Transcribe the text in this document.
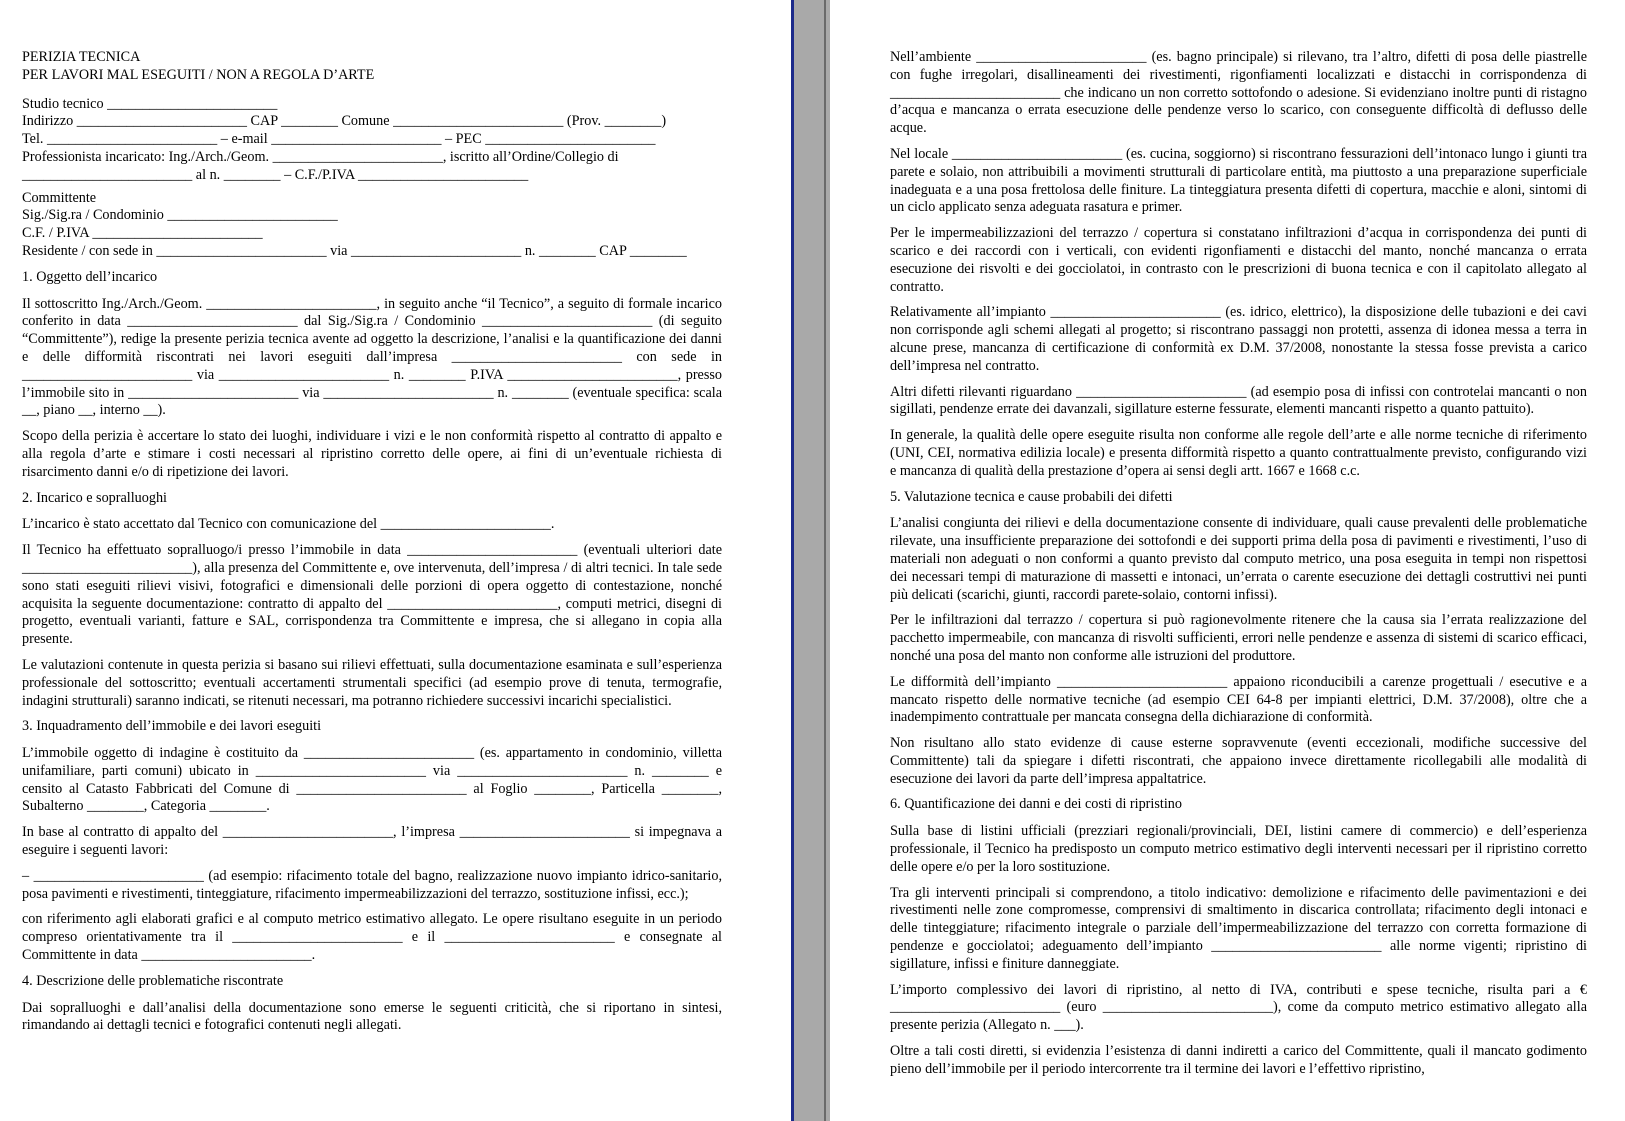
PERIZIA TECNICA
PER LAVORI MAL ESEGUITI / NON A REGOLA D’ARTE

Studio tecnico ________________________
Indirizzo ________________________ CAP ________ Comune ________________________ (Prov. ________)
Tel. ________________________ – e-mail ________________________ – PEC ________________________
Professionista incaricato: Ing./Arch./Geom. ________________________, iscritto all’Ordine/Collegio di ________________________ al n. ________ – C.F./P.IVA ________________________

Committente
Sig./Sig.ra / Condominio ________________________
C.F. / P.IVA ________________________
Residente / con sede in ________________________ via ________________________ n. ________ CAP ________

1. Oggetto dell’incarico

Il sottoscritto Ing./Arch./Geom. ________________________, in seguito anche “il Tecnico”, a seguito di formale incarico conferito in data ________________________ dal Sig./Sig.ra / Condominio ________________________ (di seguito “Committente”), redige la presente perizia tecnica avente ad oggetto la descrizione, l’analisi e la quantificazione dei danni e delle difformità riscontrati nei lavori eseguiti dall’impresa ________________________ con sede in ________________________ via ________________________ n. ________ P.IVA ________________________, presso l’immobile sito in ________________________ via ________________________ n. ________ (eventuale specifica: scala __, piano __, interno __).

Scopo della perizia è accertare lo stato dei luoghi, individuare i vizi e le non conformità rispetto al contratto di appalto e alla regola d’arte e stimare i costi necessari al ripristino corretto delle opere, ai fini di un’eventuale richiesta di risarcimento danni e/o di ripetizione dei lavori.

2. Incarico e sopralluoghi

L’incarico è stato accettato dal Tecnico con comunicazione del ________________________.

Il Tecnico ha effettuato sopralluogo/i presso l’immobile in data ________________________ (eventuali ulteriori date ________________________), alla presenza del Committente e, ove intervenuta, dell’impresa / di altri tecnici. In tale sede sono stati eseguiti rilievi visivi, fotografici e dimensionali delle porzioni di opera oggetto di contestazione, nonché acquisita la seguente documentazione: contratto di appalto del ________________________, computi metrici, disegni di progetto, eventuali varianti, fatture e SAL, corrispondenza tra Committente e impresa, che si allegano in copia alla presente.

Le valutazioni contenute in questa perizia si basano sui rilievi effettuati, sulla documentazione esaminata e sull’esperienza professionale del sottoscritto; eventuali accertamenti strumentali specifici (ad esempio prove di tenuta, termografie, indagini strutturali) saranno indicati, se ritenuti necessari, ma potranno richiedere successivi incarichi specialistici.

3. Inquadramento dell’immobile e dei lavori eseguiti

L’immobile oggetto di indagine è costituito da ________________________ (es. appartamento in condominio, villetta unifamiliare, parti comuni) ubicato in ________________________ via ________________________ n. ________ e censito al Catasto Fabbricati del Comune di ________________________ al Foglio ________, Particella ________, Subalterno ________, Categoria ________.

In base al contratto di appalto del ________________________, l’impresa ________________________ si impegnava a eseguire i seguenti lavori:

– ________________________ (ad esempio: rifacimento totale del bagno, realizzazione nuovo impianto idrico-sanitario, posa pavimenti e rivestimenti, tinteggiature, rifacimento impermeabilizzazioni del terrazzo, sostituzione infissi, ecc.);

con riferimento agli elaborati grafici e al computo metrico estimativo allegato. Le opere risultano eseguite in un periodo compreso orientativamente tra il ________________________ e il ________________________ e consegnate al Committente in data ________________________.

4. Descrizione delle problematiche riscontrate

Dai sopralluoghi e dall’analisi della documentazione sono emerse le seguenti criticità, che si riportano in sintesi, rimandando ai dettagli tecnici e fotografici contenuti negli allegati.

Nell’ambiente ________________________ (es. bagno principale) si rilevano, tra l’altro, difetti di posa delle piastrelle con fughe irregolari, disallineamenti dei rivestimenti, rigonfiamenti localizzati e distacchi in corrispondenza di ________________________ che indicano un non corretto sottofondo o adesione. Si evidenziano inoltre punti di ristagno d’acqua e mancanza o errata esecuzione delle pendenze verso lo scarico, con conseguente difficoltà di deflusso delle acque.

Nel locale ________________________ (es. cucina, soggiorno) si riscontrano fessurazioni dell’intonaco lungo i giunti tra parete e solaio, non attribuibili a movimenti strutturali di particolare entità, ma piuttosto a una preparazione superficiale inadeguata e a una posa frettolosa delle finiture. La tinteggiatura presenta difetti di copertura, macchie e aloni, sintomi di un ciclo applicato senza adeguata rasatura e primer.

Per le impermeabilizzazioni del terrazzo / copertura si constatano infiltrazioni d’acqua in corrispondenza dei punti di scarico e dei raccordi con i verticali, con evidenti rigonfiamenti e distacchi del manto, nonché mancanza o errata esecuzione dei risvolti e dei gocciolatoi, in contrasto con le prescrizioni di buona tecnica e con il capitolato allegato al contratto.

Relativamente all’impianto ________________________ (es. idrico, elettrico), la disposizione delle tubazioni e dei cavi non corrisponde agli schemi allegati al progetto; si riscontrano passaggi non protetti, assenza di idonea messa a terra in alcune prese, mancanza di certificazione di conformità ex D.M. 37/2008, nonostante la stessa fosse prevista a carico dell’impresa nel contratto.

Altri difetti rilevanti riguardano ________________________ (ad esempio posa di infissi con controtelai mancanti o non sigillati, pendenze errate dei davanzali, sigillature esterne fessurate, elementi mancanti rispetto a quanto pattuito).

In generale, la qualità delle opere eseguite risulta non conforme alle regole dell’arte e alle norme tecniche di riferimento (UNI, CEI, normativa edilizia locale) e presenta difformità rispetto a quanto contrattualmente previsto, configurando vizi e mancanza di qualità della prestazione d’opera ai sensi degli artt. 1667 e 1668 c.c.

5. Valutazione tecnica e cause probabili dei difetti

L’analisi congiunta dei rilievi e della documentazione consente di individuare, quali cause prevalenti delle problematiche rilevate, una insufficiente preparazione dei sottofondi e dei supporti prima della posa di pavimenti e rivestimenti, l’uso di materiali non adeguati o non conformi a quanto previsto dal computo metrico, una posa eseguita in tempi non rispettosi dei necessari tempi di maturazione di massetti e intonaci, un’errata o carente esecuzione dei dettagli costruttivi nei punti più delicati (scarichi, giunti, raccordi parete-solaio, contorni infissi).

Per le infiltrazioni dal terrazzo / copertura si può ragionevolmente ritenere che la causa sia l’errata realizzazione del pacchetto impermeabile, con mancanza di risvolti sufficienti, errori nelle pendenze e assenza di sistemi di scarico efficaci, nonché una posa del manto non conforme alle istruzioni del produttore.

Le difformità dell’impianto ________________________ appaiono riconducibili a carenze progettuali / esecutive e a mancato rispetto delle normative tecniche (ad esempio CEI 64-8 per impianti elettrici, D.M. 37/2008), oltre che a inadempimento contrattuale per mancata consegna della dichiarazione di conformità.

Non risultano allo stato evidenze di cause esterne sopravvenute (eventi eccezionali, modifiche successive del Committente) tali da spiegare i difetti riscontrati, che appaiono invece direttamente ricollegabili alle modalità di esecuzione dei lavori da parte dell’impresa appaltatrice.

6. Quantificazione dei danni e dei costi di ripristino

Sulla base di listini ufficiali (prezziari regionali/provinciali, DEI, listini camere di commercio) e dell’esperienza professionale, il Tecnico ha predisposto un computo metrico estimativo degli interventi necessari per il ripristino corretto delle opere e/o per la loro sostituzione.

Tra gli interventi principali si comprendono, a titolo indicativo: demolizione e rifacimento delle pavimentazioni e dei rivestimenti nelle zone compromesse, comprensivi di smaltimento in discarica controllata; rifacimento degli intonaci e delle tinteggiature; rifacimento integrale o parziale dell’impermeabilizzazione del terrazzo con corretta formazione di pendenze e gocciolatoi; adeguamento dell’impianto ________________________ alle norme vigenti; ripristino di sigillature, infissi e finiture danneggiate.

L’importo complessivo dei lavori di ripristino, al netto di IVA, contributi e spese tecniche, risulta pari a € ________________________ (euro ________________________), come da computo metrico estimativo allegato alla presente perizia (Allegato n. ___).

Oltre a tali costi diretti, si evidenzia l’esistenza di danni indiretti a carico del Committente, quali il mancato godimento pieno dell’immobile per il periodo intercorrente tra il termine dei lavori e l’effettivo ripristino,
